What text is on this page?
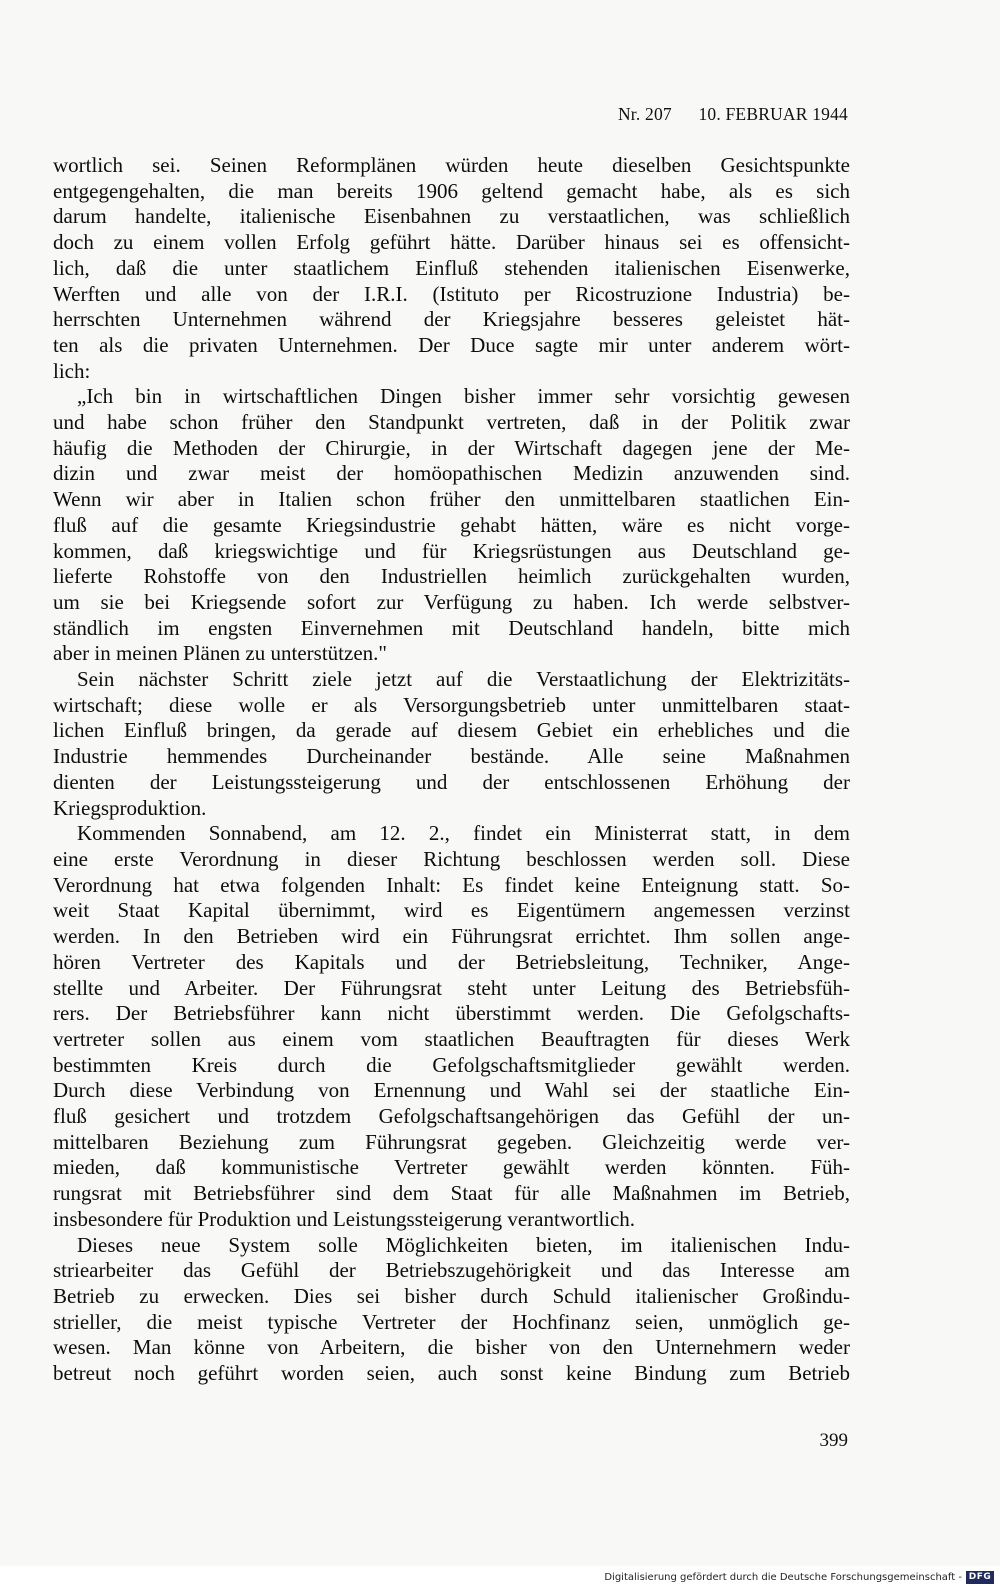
Nr. 207 10. FEBRUAR 1944
wortlich sei. Seinen Reformplänen würden heute dieselben Gesichtspunkte
entgegengehalten, die man bereits 1906 geltend gemacht habe, als es sich
darum handelte, italienische Eisenbahnen zu verstaatlichen, was schließlich
doch zu einem vollen Erfolg geführt hätte. Darüber hinaus sei es offensicht-
lich, daß die unter staatlichem Einfluß stehenden italienischen Eisenwerke,
Werften und alle von der I.R.I. (Istituto per Ricostruzione Industria) be-
herrschten Unternehmen während der Kriegsjahre besseres geleistet hät-
ten als die privaten Unternehmen. Der Duce sagte mir unter anderem wört-
lich:
„Ich bin in wirtschaftlichen Dingen bisher immer sehr vorsichtig gewesen
und habe schon früher den Standpunkt vertreten, daß in der Politik zwar
häufig die Methoden der Chirurgie, in der Wirtschaft dagegen jene der Me-
dizin und zwar meist der homöopathischen Medizin anzuwenden sind.
Wenn wir aber in Italien schon früher den unmittelbaren staatlichen Ein-
fluß auf die gesamte Kriegsindustrie gehabt hätten, wäre es nicht vorge-
kommen, daß kriegswichtige und für Kriegsrüstungen aus Deutschland ge-
lieferte Rohstoffe von den Industriellen heimlich zurückgehalten wurden,
um sie bei Kriegsende sofort zur Verfügung zu haben. Ich werde selbstver-
ständlich im engsten Einvernehmen mit Deutschland handeln, bitte mich
aber in meinen Plänen zu unterstützen."
Sein nächster Schritt ziele jetzt auf die Verstaatlichung der Elektrizitäts-
wirtschaft; diese wolle er als Versorgungsbetrieb unter unmittelbaren staat-
lichen Einfluß bringen, da gerade auf diesem Gebiet ein erhebliches und die
Industrie hemmendes Durcheinander bestände. Alle seine Maßnahmen
dienten der Leistungssteigerung und der entschlossenen Erhöhung der
Kriegsproduktion.
Kommenden Sonnabend, am 12. 2., findet ein Ministerrat statt, in dem
eine erste Verordnung in dieser Richtung beschlossen werden soll. Diese
Verordnung hat etwa folgenden Inhalt: Es findet keine Enteignung statt. So-
weit Staat Kapital übernimmt, wird es Eigentümern angemessen verzinst
werden. In den Betrieben wird ein Führungsrat errichtet. Ihm sollen ange-
hören Vertreter des Kapitals und der Betriebsleitung, Techniker, Ange-
stellte und Arbeiter. Der Führungsrat steht unter Leitung des Betriebsfüh-
rers. Der Betriebsführer kann nicht überstimmt werden. Die Gefolgschafts-
vertreter sollen aus einem vom staatlichen Beauftragten für dieses Werk
bestimmten Kreis durch die Gefolgschaftsmitglieder gewählt werden.
Durch diese Verbindung von Ernennung und Wahl sei der staatliche Ein-
fluß gesichert und trotzdem Gefolgschaftsangehörigen das Gefühl der un-
mittelbaren Beziehung zum Führungsrat gegeben. Gleichzeitig werde ver-
mieden, daß kommunistische Vertreter gewählt werden könnten. Füh-
rungsrat mit Betriebsführer sind dem Staat für alle Maßnahmen im Betrieb,
insbesondere für Produktion und Leistungssteigerung verantwortlich.
Dieses neue System solle Möglichkeiten bieten, im italienischen Indu-
striearbeiter das Gefühl der Betriebszugehörigkeit und das Interesse am
Betrieb zu erwecken. Dies sei bisher durch Schuld italienischer Großindu-
strieller, die meist typische Vertreter der Hochfinanz seien, unmöglich ge-
wesen. Man könne von Arbeitern, die bisher von den Unternehmern weder
betreut noch geführt worden seien, auch sonst keine Bindung zum Betrieb
399
Digitalisierung gefördert durch die Deutsche Forschungsgemeinschaft - DFG
